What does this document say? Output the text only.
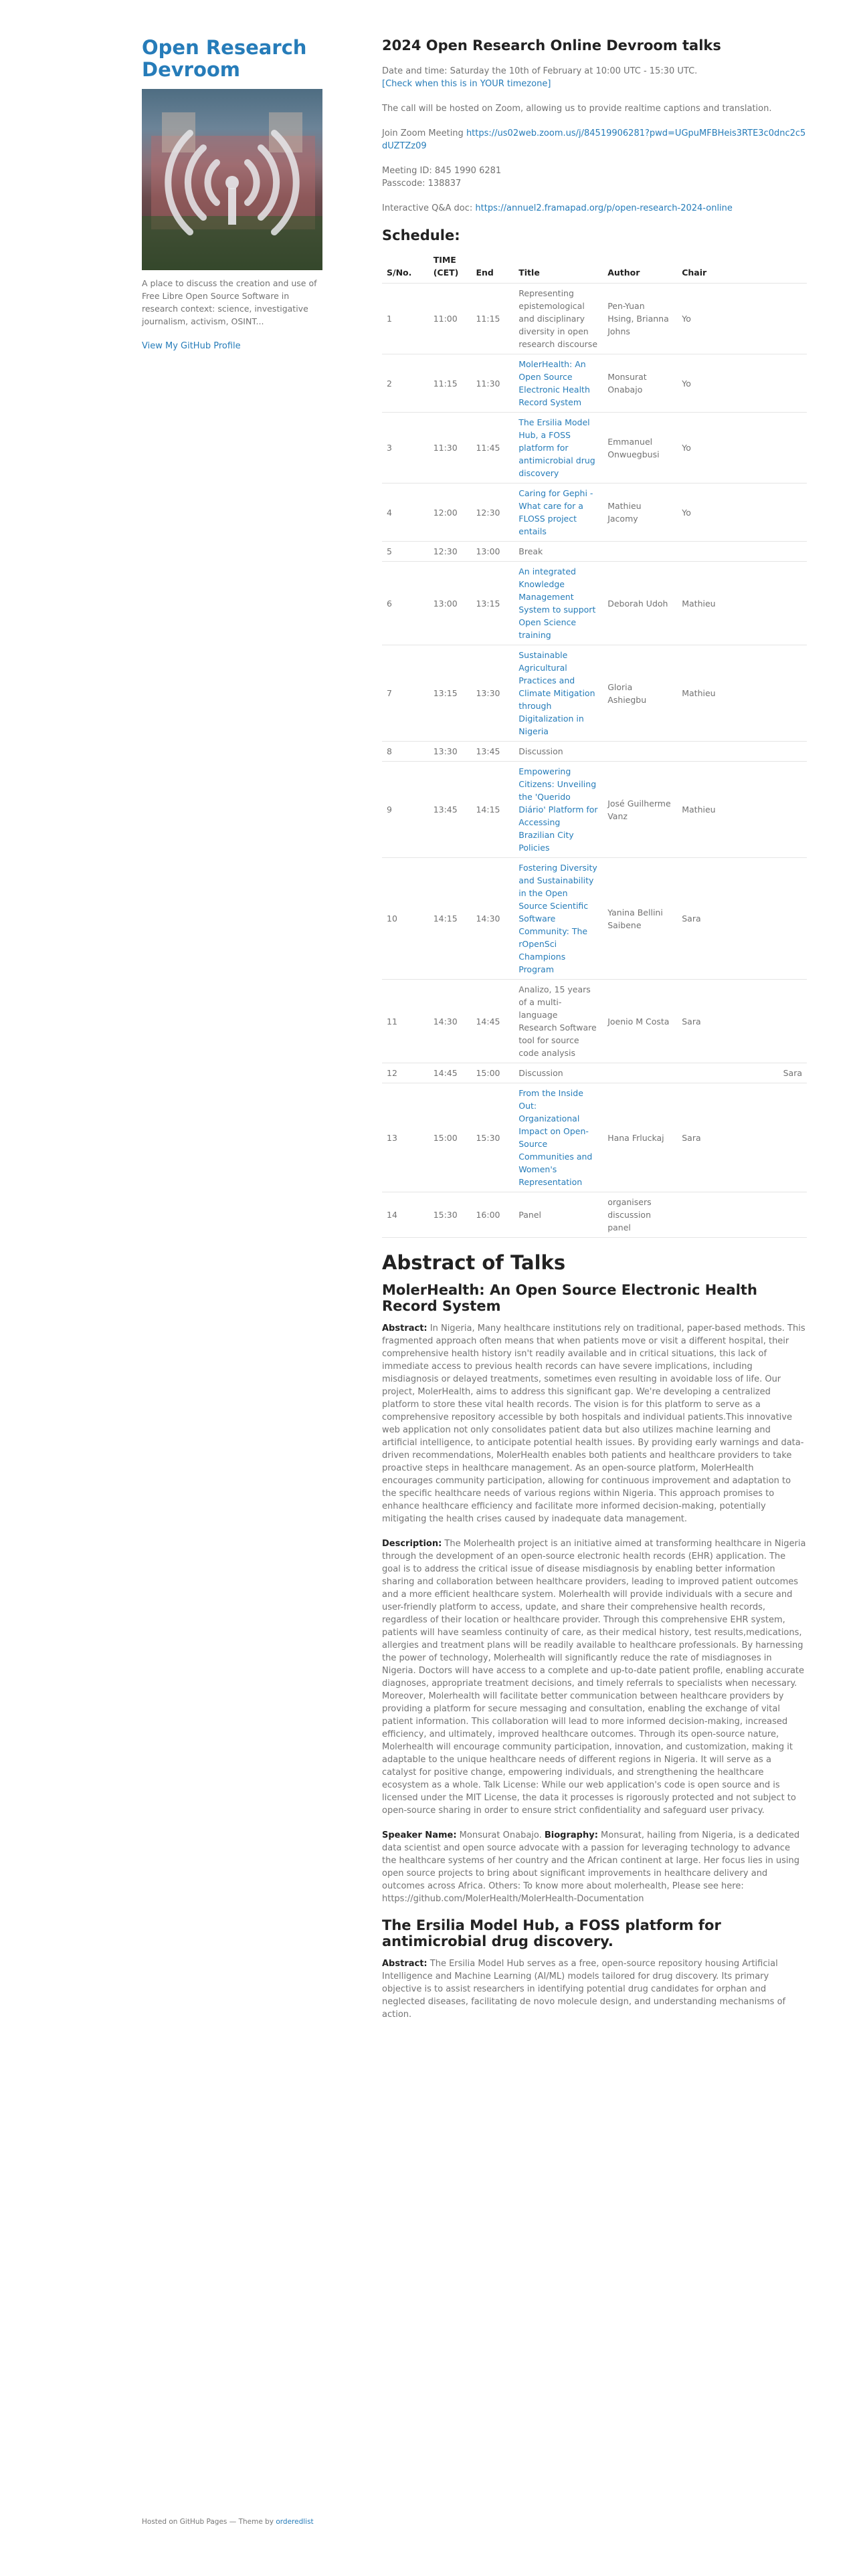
Open Research Devroom

A place to discuss the creation and use of Free Libre Open Source Software in research context: science, investigative journalism, activism, OSINT...

View My GitHub Profile
Hosted on GitHub Pages — Theme by orderedlist
2024 Open Research Online Devroom talks

Date and time: Saturday the 10th of February at 10:00 UTC - 15:30 UTC.
[Check when this is in YOUR timezone]

The call will be hosted on Zoom, allowing us to provide realtime captions and translation.

Join Zoom Meeting https://us02web.zoom.us/j/84519906281?pwd=UGpuMFBHeis3RTE3c0dnc2c5dUZTZz09

Meeting ID: 845 1990 6281
Passcode: 138837

Interactive Q&A doc: https://annuel2.framapad.org/p/open-research-2024-online

Schedule:
S/No.	TIME (CET)	End	Title	Author	Chair	
1	11:00	11:15	Representing epistemological and disciplinary diversity in open research discourse	Pen-Yuan Hsing, Brianna Johns	Yo	
2	11:15	11:30	MolerHealth: An Open Source Electronic Health Record System	Monsurat Onabajo	Yo	
3	11:30	11:45	The Ersilia Model Hub, a FOSS platform for antimicrobial drug discovery	Emmanuel Onwuegbusi	Yo	
4	12:00	12:30	Caring for Gephi - What care for a FLOSS project entails	Mathieu Jacomy	Yo	
5	12:30	13:00	Break			
6	13:00	13:15	An integrated Knowledge Management System to support Open Science training	Deborah Udoh	Mathieu	
7	13:15	13:30	Sustainable Agricultural Practices and Climate Mitigation through Digitalization in Nigeria	Gloria Ashiegbu	Mathieu	
8	13:30	13:45	Discussion			
9	13:45	14:15	Empowering Citizens: Unveiling the 'Querido Diário' Platform for Accessing Brazilian City Policies	José Guilherme Vanz	Mathieu	
10	14:15	14:30	Fostering Diversity and Sustainability in the Open Source Scientific Software Community: The rOpenSci Champions Program	Yanina Bellini Saibene	Sara	
11	14:30	14:45	Analizo, 15 years of a multi-language Research Software tool for source code analysis	Joenio M Costa	Sara	
12	14:45	15:00	Discussion			Sara
13	15:00	15:30	From the Inside Out: Organizational Impact on Open-Source Communities and Women's Representation	Hana Frluckaj	Sara	
14	15:30	16:00	Panel	organisers discussion panel		
Abstract of Talks
MolerHealth: An Open Source Electronic Health Record System

Abstract: In Nigeria, Many healthcare institutions rely on traditional, paper-based methods. This fragmented approach often means that when patients move or visit a different hospital, their comprehensive health history isn't readily available and in critical situations, this lack of immediate access to previous health records can have severe implications, including misdiagnosis or delayed treatments, sometimes even resulting in avoidable loss of life. Our project, MolerHealth, aims to address this significant gap. We're developing a centralized platform to store these vital health records. The vision is for this platform to serve as a comprehensive repository accessible by both hospitals and individual patients.This innovative web application not only consolidates patient data but also utilizes machine learning and artificial intelligence, to anticipate potential health issues. By providing early warnings and data-driven recommendations, MolerHealth enables both patients and healthcare providers to take proactive steps in healthcare management. As an open-source platform, MolerHealth encourages community participation, allowing for continuous improvement and adaptation to the specific healthcare needs of various regions within Nigeria. This approach promises to enhance healthcare efficiency and facilitate more informed decision-making, potentially mitigating the health crises caused by inadequate data management.

Description: The Molerhealth project is an initiative aimed at transforming healthcare in Nigeria through the development of an open-source electronic health records (EHR) application. The goal is to address the critical issue of disease misdiagnosis by enabling better information sharing and collaboration between healthcare providers, leading to improved patient outcomes and a more efficient healthcare system. Molerhealth will provide individuals with a secure and user-friendly platform to access, update, and share their comprehensive health records, regardless of their location or healthcare provider. Through this comprehensive EHR system, patients will have seamless continuity of care, as their medical history, test results,medications, allergies and treatment plans will be readily available to healthcare professionals. By harnessing the power of technology, Molerhealth will significantly reduce the rate of misdiagnoses in Nigeria. Doctors will have access to a complete and up-to-date patient profile, enabling accurate diagnoses, appropriate treatment decisions, and timely referrals to specialists when necessary. Moreover, Molerhealth will facilitate better communication between healthcare providers by providing a platform for secure messaging and consultation, enabling the exchange of vital patient information. This collaboration will lead to more informed decision-making, increased efficiency, and ultimately, improved healthcare outcomes. Through its open-source nature, Molerhealth will encourage community participation, innovation, and customization, making it adaptable to the unique healthcare needs of different regions in Nigeria. It will serve as a catalyst for positive change, empowering individuals, and strengthening the healthcare ecosystem as a whole. Talk License: While our web application's code is open source and is licensed under the MIT License, the data it processes is rigorously protected and not subject to open-source sharing in order to ensure strict confidentiality and safeguard user privacy.

Speaker Name: Monsurat Onabajo. Biography: Monsurat, hailing from Nigeria, is a dedicated data scientist and open source advocate with a passion for leveraging technology to advance the healthcare systems of her country and the African continent at large. Her focus lies in using open source projects to bring about significant improvements in healthcare delivery and outcomes across Africa. Others: To know more about molerhealth, Please see here: https://github.com/MolerHealth/MolerHealth-Documentation

The Ersilia Model Hub, a FOSS platform for antimicrobial drug discovery.

Abstract: The Ersilia Model Hub serves as a free, open-source repository housing Artificial Intelligence and Machine Learning (AI/ML) models tailored for drug discovery. Its primary objective is to assist researchers in identifying potential drug candidates for orphan and neglected diseases, facilitating de novo molecule design, and understanding mechanisms of action.
